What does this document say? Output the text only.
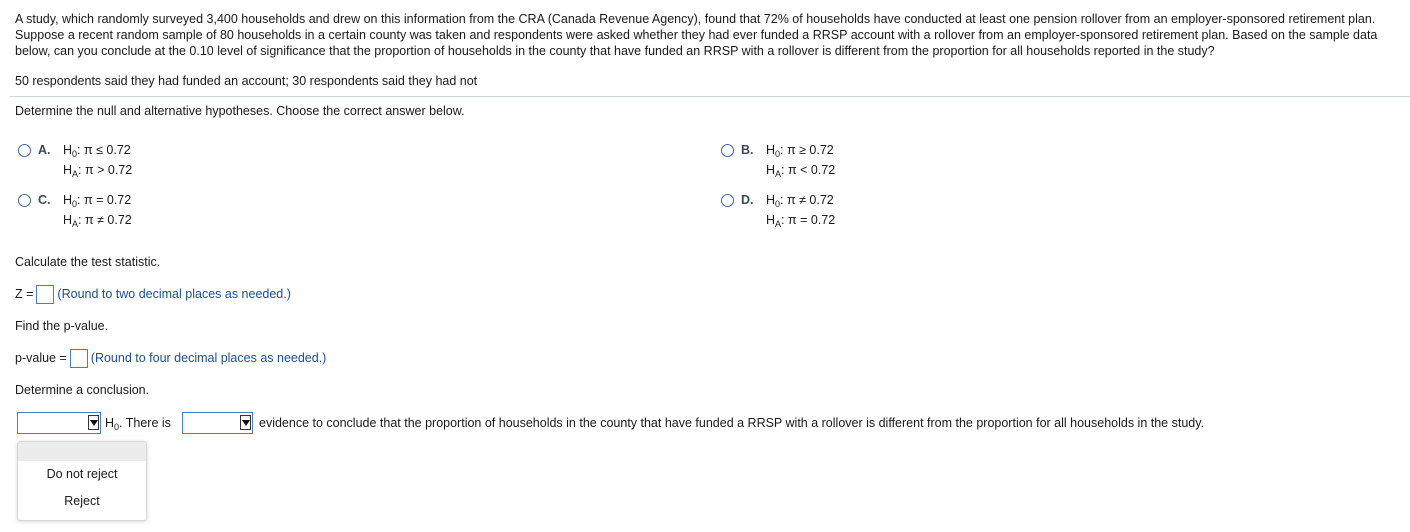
A study, which randomly surveyed 3,400 households and drew on this information from the CRA (Canada Revenue Agency), found that 72% of households have conducted at least one pension rollover from an employer-sponsored retirement plan. Suppose a recent random sample of 80 households in a certain county was taken and respondents were asked whether they had ever funded a RRSP account with a rollover from an employer-sponsored retirement plan. Based on the sample data below, can you conclude at the 0.10 level of significance that the proportion of households in the county that have funded an RRSP with a rollover is different from the proportion for all households reported in the study?
50 respondents said they had funded an account; 30 respondents said they had not
Determine the null and alternative hypotheses. Choose the correct answer below.
A. $H_0$: π ≤ 0.72
$H_A$: π > 0.72
B. $H_0$: π ≥ 0.72
$H_A$: π < 0.72
C. $H_0$: π = 0.72
$H_A$: π ≠ 0.72
D. $H_0$: π ≠ 0.72
$H_A$: π = 0.72
Calculate the test statistic.
Z = (Round to two decimal places as needed.)
Find the p-value.
p-value = (Round to four decimal places as needed.)
Determine a conclusion.
$H_0$. There is	evidence to conclude that the proportion of households in the county that have funded a RRSP with a rollover is different from the proportion for all households in the study.
Do not reject
Reject
